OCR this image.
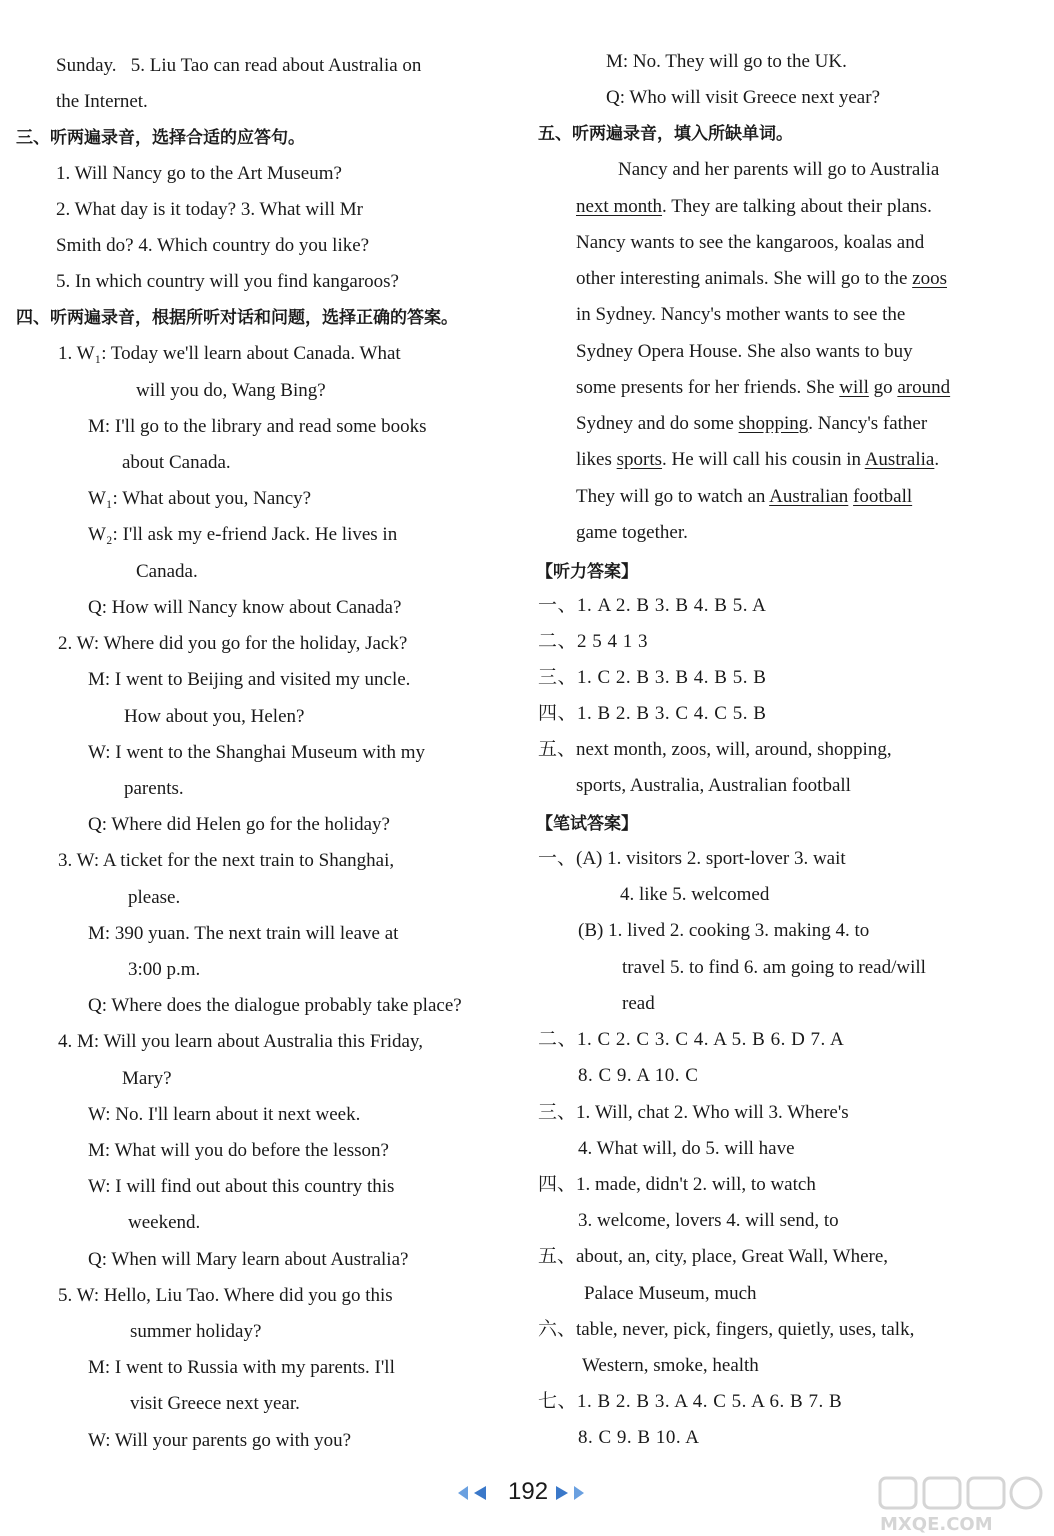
Sunday. 5. Liu Tao can read about Australia on
the Internet.
三、听两遍录音，选择合适的应答句。
1. Will Nancy go to the Art Museum?
2. What day is it today? 3. What will Mr
Smith do? 4. Which country do you like?
5. In which country will you find kangaroos?
四、听两遍录音，根据所听对话和问题，选择正确的答案。
1. W₁: Today we'll learn about Canada. What
will you do, Wang Bing?
M: I'll go to the library and read some books
about Canada.
W₁: What about you, Nancy?
W₂: I'll ask my e-friend Jack. He lives in
Canada.
Q: How will Nancy know about Canada?
2. W: Where did you go for the holiday, Jack?
M: I went to Beijing and visited my uncle.
How about you, Helen?
W: I went to the Shanghai Museum with my
parents.
Q: Where did Helen go for the holiday?
3. W: A ticket for the next train to Shanghai,
please.
M: 390 yuan. The next train will leave at
3:00 p.m.
Q: Where does the dialogue probably take place?
4. M: Will you learn about Australia this Friday,
Mary?
W: No. I'll learn about it next week.
M: What will you do before the lesson?
W: I will find out about this country this
weekend.
Q: When will Mary learn about Australia?
5. W: Hello, Liu Tao. Where did you go this
summer holiday?
M: I went to Russia with my parents. I'll
visit Greece next year.
W: Will your parents go with you?
M: No. They will go to the UK.
Q: Who will visit Greece next year?
五、听两遍录音，填入所缺单词。
Nancy and her parents will go to Australia
next month. They are talking about their plans.
Nancy wants to see the kangaroos, koalas and
other interesting animals. She will go to the zoos
in Sydney. Nancy's mother wants to see the
Sydney Opera House. She also wants to buy
some presents for her friends. She will go around
Sydney and do some shopping. Nancy's father
likes sports. He will call his cousin in Australia.
They will go to watch an Australian football
game together.
【听力答案】
一、1. A 2. B 3. B 4. B 5. A
二、2 5 4 1 3
三、1. C 2. B 3. B 4. B 5. B
四、1. B 2. B 3. C 4. C 5. B
五、next month, zoos, will, around, shopping,
sports, Australia, Australian football
【笔试答案】
一、(A) 1. visitors 2. sport-lover 3. wait
4. like 5. welcomed
(B) 1. lived 2. cooking 3. making 4. to
travel 5. to find 6. am going to read/will
read
二、1. C 2. C 3. C 4. A 5. B 6. D 7. A
8. C 9. A 10. C
三、1. Will, chat 2. Who will 3. Where's
4. What will, do 5. will have
四、1. made, didn't 2. will, to watch
3. welcome, lovers 4. will send, to
五、about, an, city, place, Great Wall, Where,
Palace Museum, much
六、table, never, pick, fingers, quietly, uses, talk,
Western, smoke, health
七、1. B 2. B 3. A 4. C 5. A 6. B 7. B
8. C 9. B 10. A
192
MXQE.COM
